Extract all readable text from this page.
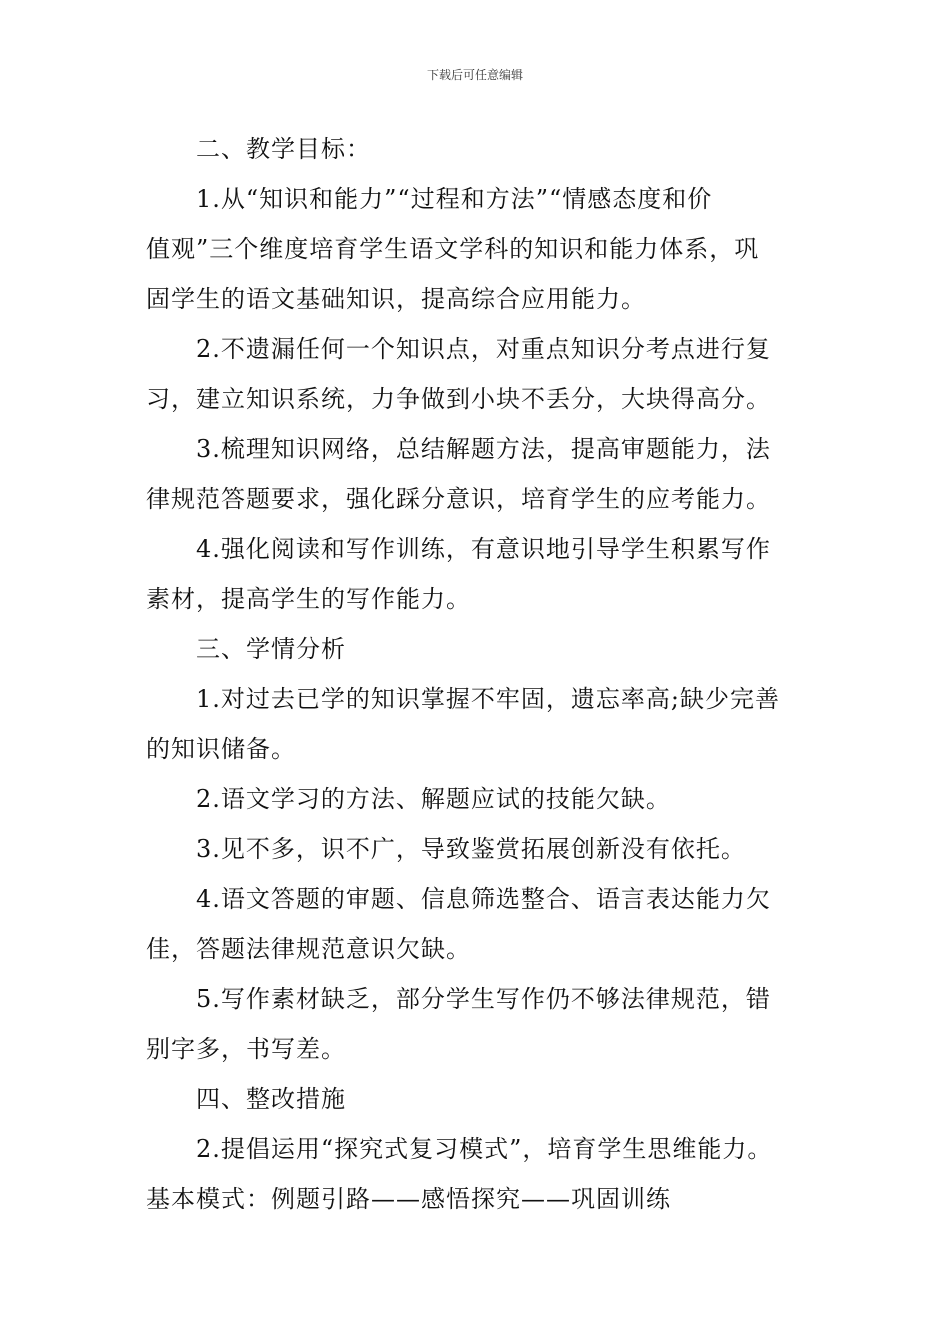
下载后可任意编辑
二、教学目标：
1.从“知识和能力”“过程和方法”“情感态度和价
值观”三个维度培育学生语文学科的知识和能力体系，巩
固学生的语文基础知识，提高综合应用能力。
2.不遗漏任何一个知识点，对重点知识分考点进行复
习，建立知识系统，力争做到小块不丢分，大块得高分。
3.梳理知识网络，总结解题方法，提高审题能力，法
律规范答题要求，强化踩分意识，培育学生的应考能力。
4.强化阅读和写作训练，有意识地引导学生积累写作
素材，提高学生的写作能力。
三、学情分析
1.对过去已学的知识掌握不牢固，遗忘率高;缺少完善
的知识储备。
2.语文学习的方法、解题应试的技能欠缺。
3.见不多，识不广，导致鉴赏拓展创新没有依托。
4.语文答题的审题、信息筛选整合、语言表达能力欠
佳，答题法律规范意识欠缺。
5.写作素材缺乏，部分学生写作仍不够法律规范，错
别字多，书写差。
四、整改措施
2.提倡运用“探究式复习模式”，培育学生思维能力。
基本模式：例题引路——感悟探究——巩固训练
